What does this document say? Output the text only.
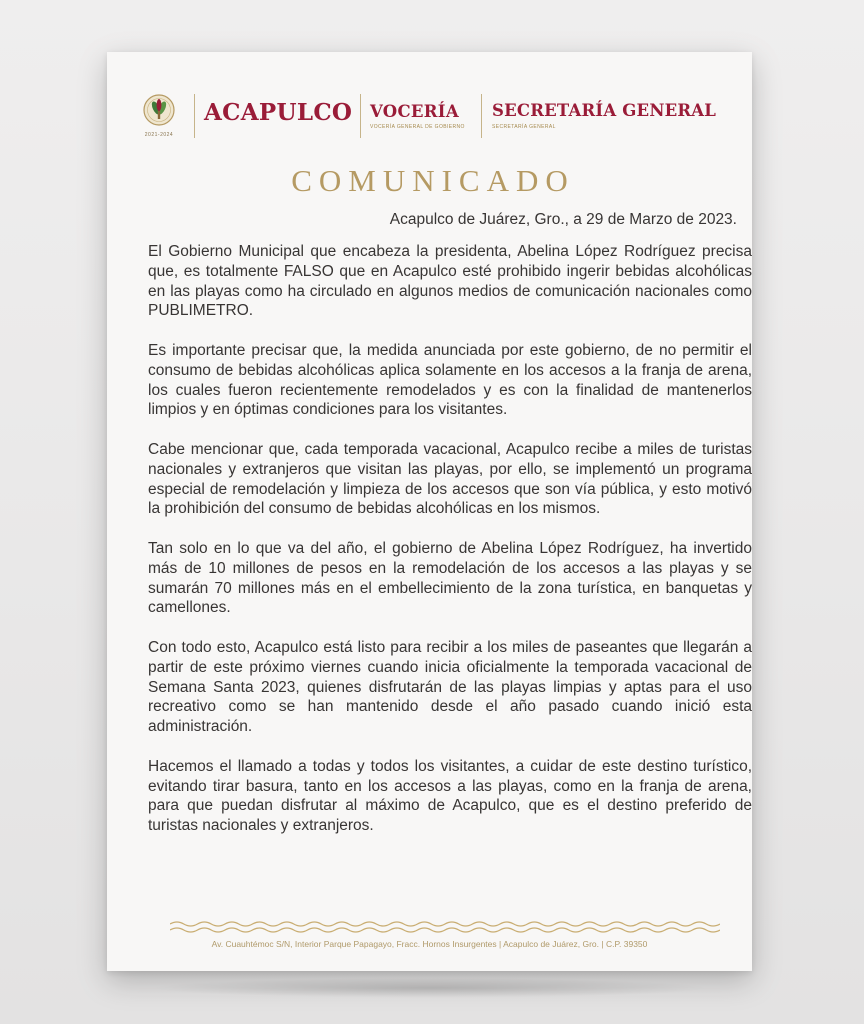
2021-2024
ACAPULCO VOCERÍA
VOCERÍA GENERAL DE GOBIERNO
SECRETARÍA GENERAL
SECRETARÍA GENERAL
COMUNICADO
Acapulco de Juárez, Gro., a 29 de Marzo de 2023.

El Gobierno Municipal que encabeza la presidenta, Abelina López Rodríguez precisa que, es totalmente FALSO que en Acapulco esté prohibido ingerir bebidas alcohólicas en las playas como ha circulado en algunos medios de comunicación nacionales como PUBLIMETRO.

Es importante precisar que, la medida anunciada por este gobierno, de no permitir el consumo de bebidas alcohólicas aplica solamente en los accesos a la franja de arena, los cuales fueron recientemente remodelados y es con la finalidad de mantenerlos limpios y en óptimas condiciones para los visitantes.

Cabe mencionar que, cada temporada vacacional, Acapulco recibe a miles de turistas nacionales y extranjeros que visitan las playas, por ello, se implementó un programa especial de remodelación y limpieza de los accesos que son vía pública, y esto motivó la prohibición del consumo de bebidas alcohólicas en los mismos.

Tan solo en lo que va del año, el gobierno de Abelina López Rodríguez, ha invertido más de 10 millones de pesos en la remodelación de los accesos a las playas y se sumarán 70 millones más en el embellecimiento de la zona turística, en banquetas y camellones.

Con todo esto, Acapulco está listo para recibir a los miles de paseantes que llegarán a partir de este próximo viernes cuando inicia oficialmente la temporada vacacional de Semana Santa 2023, quienes disfrutarán de las playas limpias y aptas para el uso recreativo como se han mantenido desde el año pasado cuando inició esta administración.

Hacemos el llamado a todas y todos los visitantes, a cuidar de este destino turístico, evitando tirar basura, tanto en los accesos a las playas, como en la franja de arena, para que puedan disfrutar al máximo de Acapulco, que es el destino preferido de turistas nacionales y extranjeros.

Av. Cuauhtémoc S/N, Interior Parque Papagayo, Fracc. Hornos Insurgentes | Acapulco de Juárez, Gro. | C.P. 39350
